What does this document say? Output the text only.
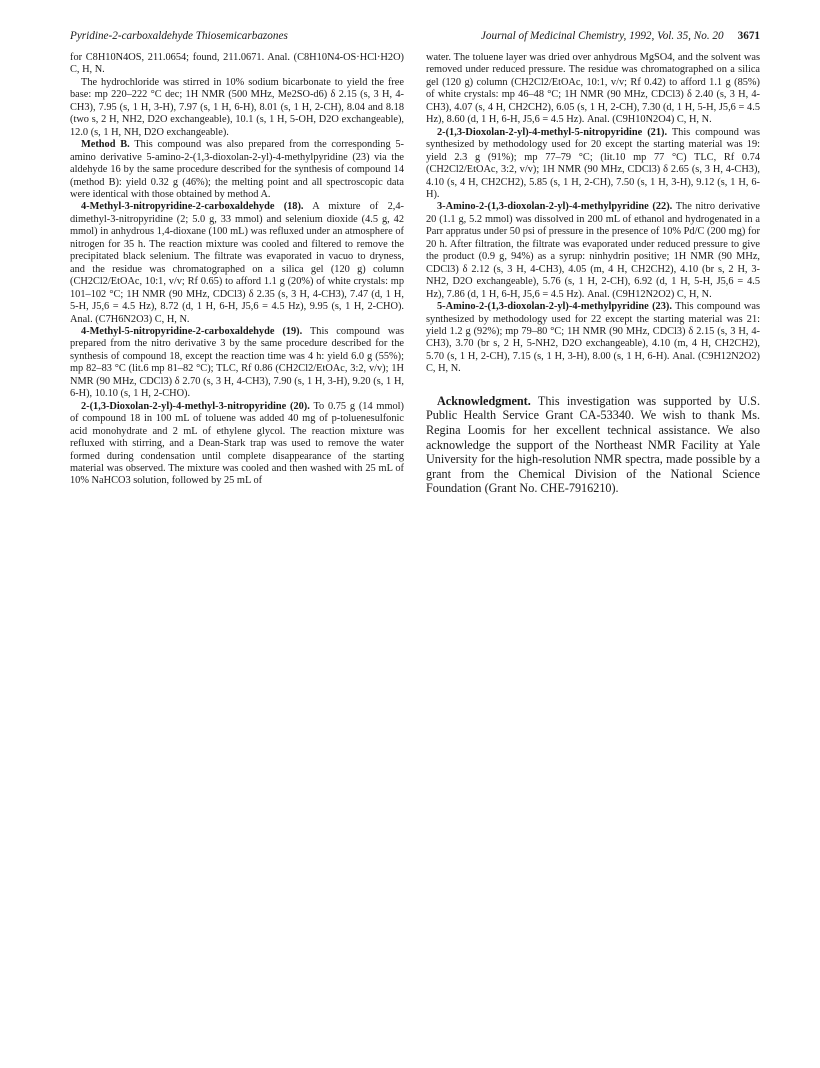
Pyridine-2-carboxaldehyde Thiosemicarbazones	Journal of Medicinal Chemistry, 1992, Vol. 35, No. 20 3671

for C8H10N4OS, 211.0654; found, 211.0671. Anal. (C8H10N4-OS·HCl·H2O) C, H, N.

The hydrochloride was stirred in 10% sodium bicarbonate to yield the free base: mp 220–222 °C dec; 1H NMR (500 MHz, Me2SO-d6) δ 2.15 (s, 3 H, 4-CH3), 7.95 (s, 1 H, 3-H), 7.97 (s, 1 H, 6-H), 8.01 (s, 1 H, 2-CH), 8.04 and 8.18 (two s, 2 H, NH2, D2O exchangeable), 10.1 (s, 1 H, 5-OH, D2O exchangeable), 12.0 (s, 1 H, NH, D2O exchangeable).

Method B. This compound was also prepared from the corresponding 5-amino derivative 5-amino-2-(1,3-dioxolan-2-yl)-4-methylpyridine (23) via the aldehyde 16 by the same procedure described for the synthesis of compound 14 (method B): yield 0.32 g (46%); the melting point and all spectroscopic data were identical with those obtained by method A.

4-Methyl-3-nitropyridine-2-carboxaldehyde (18). A mixture of 2,4-dimethyl-3-nitropyridine (2; 5.0 g, 33 mmol) and selenium dioxide (4.5 g, 42 mmol) in anhydrous 1,4-dioxane (100 mL) was refluxed under an atmosphere of nitrogen for 35 h. The reaction mixture was cooled and filtered to remove the precipitated black selenium. The filtrate was evaporated in vacuo to dryness, and the residue was chromatographed on a silica gel (120 g) column (CH2Cl2/EtOAc, 10:1, v/v; Rf 0.65) to afford 1.1 g (20%) of white crystals: mp 101–102 °C; 1H NMR (90 MHz, CDCl3) δ 2.35 (s, 3 H, 4-CH3), 7.47 (d, 1 H, 5-H, J5,6 = 4.5 Hz), 8.72 (d, 1 H, 6-H, J5,6 = 4.5 Hz), 9.95 (s, 1 H, 2-CHO). Anal. (C7H6N2O3) C, H, N.

4-Methyl-5-nitropyridine-2-carboxaldehyde (19). This compound was prepared from the nitro derivative 3 by the same procedure described for the synthesis of compound 18, except the reaction time was 4 h: yield 6.0 g (55%); mp 82–83 °C (lit.6 mp 81–82 °C); TLC, Rf 0.86 (CH2Cl2/EtOAc, 3:2, v/v); 1H NMR (90 MHz, CDCl3) δ 2.70 (s, 3 H, 4-CH3), 7.90 (s, 1 H, 3-H), 9.20 (s, 1 H, 6-H), 10.10 (s, 1 H, 2-CHO).

2-(1,3-Dioxolan-2-yl)-4-methyl-3-nitropyridine (20). To 0.75 g (14 mmol) of compound 18 in 100 mL of toluene was added 40 mg of p-toluenesulfonic acid monohydrate and 2 mL of ethylene glycol. The reaction mixture was refluxed with stirring, and a Dean-Stark trap was used to remove the water formed during condensation until complete disappearance of the starting material was observed. The mixture was cooled and then washed with 25 mL of 10% NaHCO3 solution, followed by 25 mL of

water. The toluene layer was dried over anhydrous MgSO4, and the solvent was removed under reduced pressure. The residue was chromatographed on a silica gel (120 g) column (CH2Cl2/EtOAc, 10:1, v/v; Rf 0.42) to afford 1.1 g (85%) of white crystals: mp 46–48 °C; 1H NMR (90 MHz, CDCl3) δ 2.40 (s, 3 H, 4-CH3), 4.07 (s, 4 H, CH2CH2), 6.05 (s, 1 H, 2-CH), 7.30 (d, 1 H, 5-H, J5,6 = 4.5 Hz), 8.60 (d, 1 H, 6-H, J5,6 = 4.5 Hz). Anal. (C9H10N2O4) C, H, N.

2-(1,3-Dioxolan-2-yl)-4-methyl-5-nitropyridine (21). This compound was synthesized by methodology used for 20 except the starting material was 19: yield 2.3 g (91%); mp 77–79 °C; (lit.10 mp 77 °C) TLC, Rf 0.74 (CH2Cl2/EtOAc, 3:2, v/v); 1H NMR (90 MHz, CDCl3) δ 2.65 (s, 3 H, 4-CH3), 4.10 (s, 4 H, CH2CH2), 5.85 (s, 1 H, 2-CH), 7.50 (s, 1 H, 3-H), 9.12 (s, 1 H, 6-H).

3-Amino-2-(1,3-dioxolan-2-yl)-4-methylpyridine (22). The nitro derivative 20 (1.1 g, 5.2 mmol) was dissolved in 200 mL of ethanol and hydrogenated in a Parr appratus under 50 psi of pressure in the presence of 10% Pd/C (200 mg) for 20 h. After filtration, the filtrate was evaporated under reduced pressure to give the product (0.9 g, 94%) as a syrup: ninhydrin positive; 1H NMR (90 MHz, CDCl3) δ 2.12 (s, 3 H, 4-CH3), 4.05 (m, 4 H, CH2CH2), 4.10 (br s, 2 H, 3-NH2, D2O exchangeable), 5.76 (s, 1 H, 2-CH), 6.92 (d, 1 H, 5-H, J5,6 = 4.5 Hz), 7.86 (d, 1 H, 6-H, J5,6 = 4.5 Hz). Anal. (C9H12N2O2) C, H, N.

5-Amino-2-(1,3-dioxolan-2-yl)-4-methylpyridine (23). This compound was synthesized by methodology used for 22 except the starting material was 21: yield 1.2 g (92%); mp 79–80 °C; 1H NMR (90 MHz, CDCl3) δ 2.15 (s, 3 H, 4-CH3), 3.70 (br s, 2 H, 5-NH2, D2O exchangeable), 4.10 (m, 4 H, CH2CH2), 5.70 (s, 1 H, 2-CH), 7.15 (s, 1 H, 3-H), 8.00 (s, 1 H, 6-H). Anal. (C9H12N2O2) C, H, N.

Acknowledgment. This investigation was supported by U.S. Public Health Service Grant CA-53340. We wish to thank Ms. Regina Loomis for her excellent technical assistance. We also acknowledge the support of the Northeast NMR Facility at Yale University for the high-resolution NMR spectra, made possible by a grant from the Chemical Division of the National Science Foundation (Grant No. CHE-7916210).
